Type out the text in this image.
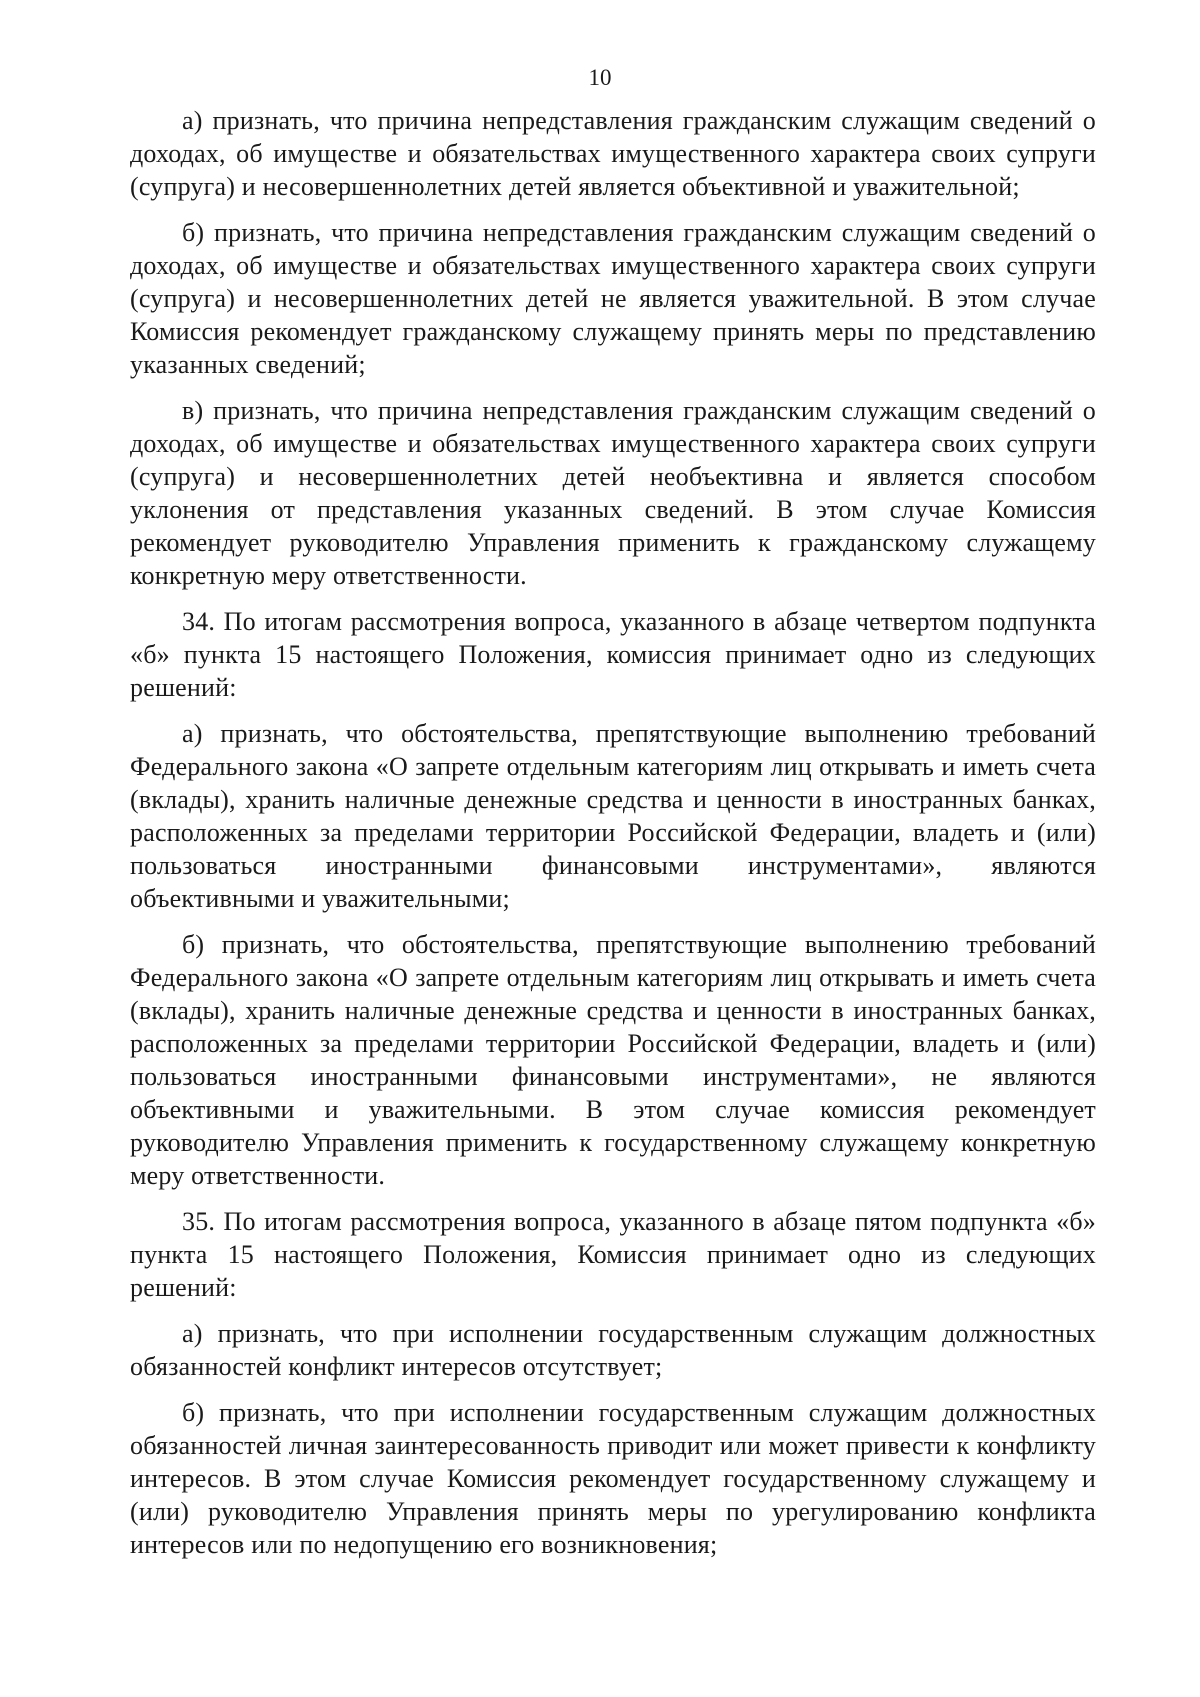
10

а) признать, что причина непредставления гражданским служащим сведений о доходах, об имуществе и обязательствах имущественного характера своих супруги (супруга) и несовершеннолетних детей является объективной и уважительной;

б) признать, что причина непредставления гражданским служащим сведений о доходах, об имуществе и обязательствах имущественного характера своих супруги (супруга) и несовершеннолетних детей не является уважительной. В этом случае Комиссия рекомендует гражданскому служащему принять меры по представлению указанных сведений;

в) признать, что причина непредставления гражданским служащим сведений о доходах, об имуществе и обязательствах имущественного характера своих супруги (супруга) и несовершеннолетних детей необъективна и является способом уклонения от представления указанных сведений. В этом случае Комиссия рекомендует руководителю Управления применить к гражданскому служащему конкретную меру ответственности.

34. По итогам рассмотрения вопроса, указанного в абзаце четвертом подпункта «б» пункта 15 настоящего Положения, комиссия принимает одно из следующих решений:

а) признать, что обстоятельства, препятствующие выполнению требований Федерального закона «О запрете отдельным категориям лиц открывать и иметь счета (вклады), хранить наличные денежные средства и ценности в иностранных банках, расположенных за пределами территории Российской Федерации, владеть и (или) пользоваться иностранными финансовыми инструментами», являются объективными и уважительными;

б) признать, что обстоятельства, препятствующие выполнению требований Федерального закона «О запрете отдельным категориям лиц открывать и иметь счета (вклады), хранить наличные денежные средства и ценности в иностранных банках, расположенных за пределами территории Российской Федерации, владеть и (или) пользоваться иностранными финансовыми инструментами», не являются объективными и уважительными. В этом случае комиссия рекомендует руководителю Управления применить к государственному служащему конкретную меру ответственности.

35. По итогам рассмотрения вопроса, указанного в абзаце пятом подпункта «б» пункта 15 настоящего Положения, Комиссия принимает одно из следующих решений:

а) признать, что при исполнении государственным служащим должностных обязанностей конфликт интересов отсутствует;

б) признать, что при исполнении государственным служащим должностных обязанностей личная заинтересованность приводит или может привести к конфликту интересов. В этом случае Комиссия рекомендует государственному служащему и (или) руководителю Управления принять меры по урегулированию конфликта интересов или по недопущению его возникновения;
